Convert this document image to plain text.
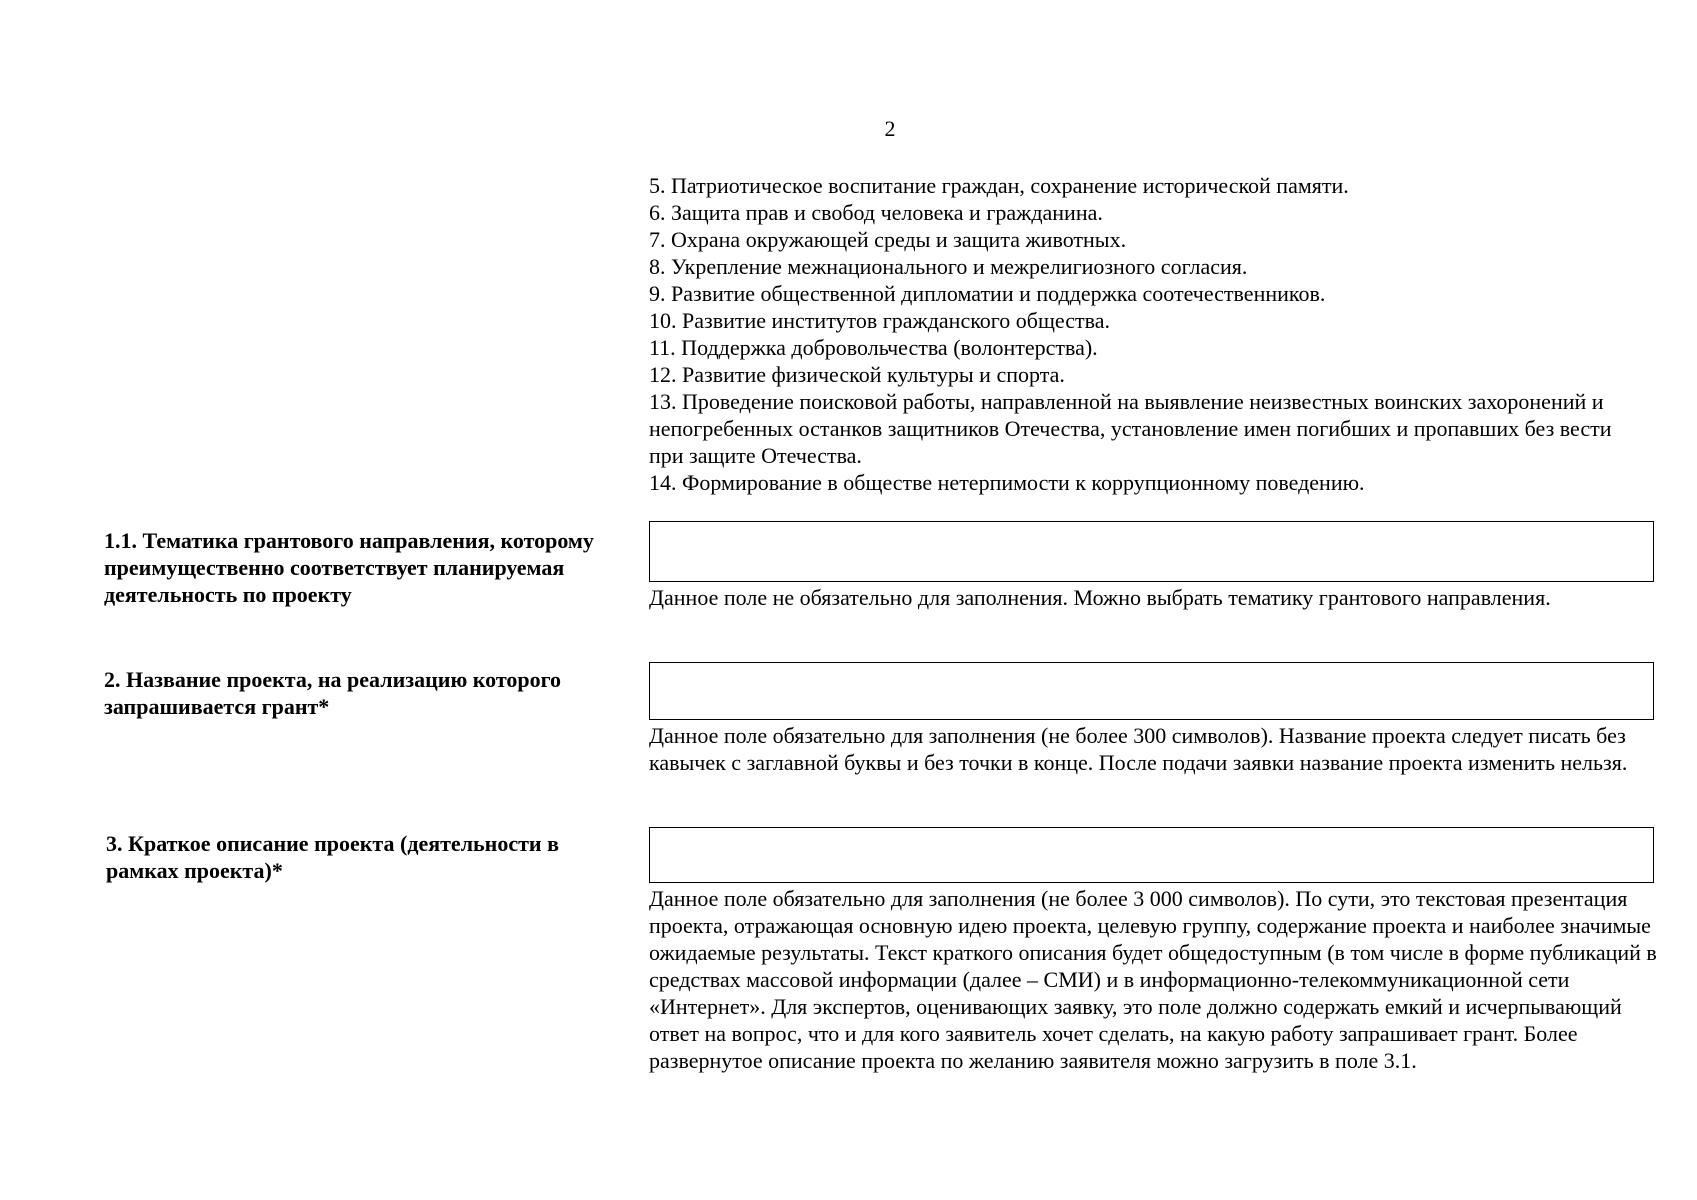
2
5. Патриотическое воспитание граждан, сохранение исторической памяти.
6. Защита прав и свобод человека и гражданина.
7. Охрана окружающей среды и защита животных.
8. Укрепление межнационального и межрелигиозного согласия.
9. Развитие общественной дипломатии и поддержка соотечественников.
10. Развитие институтов гражданского общества.
11. Поддержка добровольчества (волонтерства).
12. Развитие физической культуры и спорта.
13. Проведение поисковой работы, направленной на выявление неизвестных воинских захоронений и непогребенных останков защитников Отечества, установление имен погибших и пропавших без вести при защите Отечества.
14. Формирование в обществе нетерпимости к коррупционному поведению.

1.1. Тематика грантового направления, которому преимущественно соответствует планируемая деятельность по проекту	Данное поле не обязательно для заполнения. Можно выбрать тематику грантового направления.

2. Название проекта, на реализацию которого запрашивается грант*

Данное поле обязательно для заполнения (не более 300 символов). Название проекта следует писать без кавычек с заглавной буквы и без точки в конце. После подачи заявки название проекта изменить нельзя.

3. Краткое описание проекта (деятельности в рамках проекта)*

Данное поле обязательно для заполнения (не более 3 000 символов). По сути, это текстовая презентация проекта, отражающая основную идею проекта, целевую группу, содержание проекта и наиболее значимые ожидаемые результаты. Текст краткого описания будет общедоступным (в том числе в форме публикаций в средствах массовой информации (далее – СМИ) и в информационно-телекоммуникационной сети «Интернет». Для экспертов, оценивающих заявку, это поле должно содержать емкий и исчерпывающий ответ на вопрос, что и для кого заявитель хочет сделать, на какую работу запрашивает грант. Более развернутое описание проекта по желанию заявителя можно загрузить в поле 3.1.
